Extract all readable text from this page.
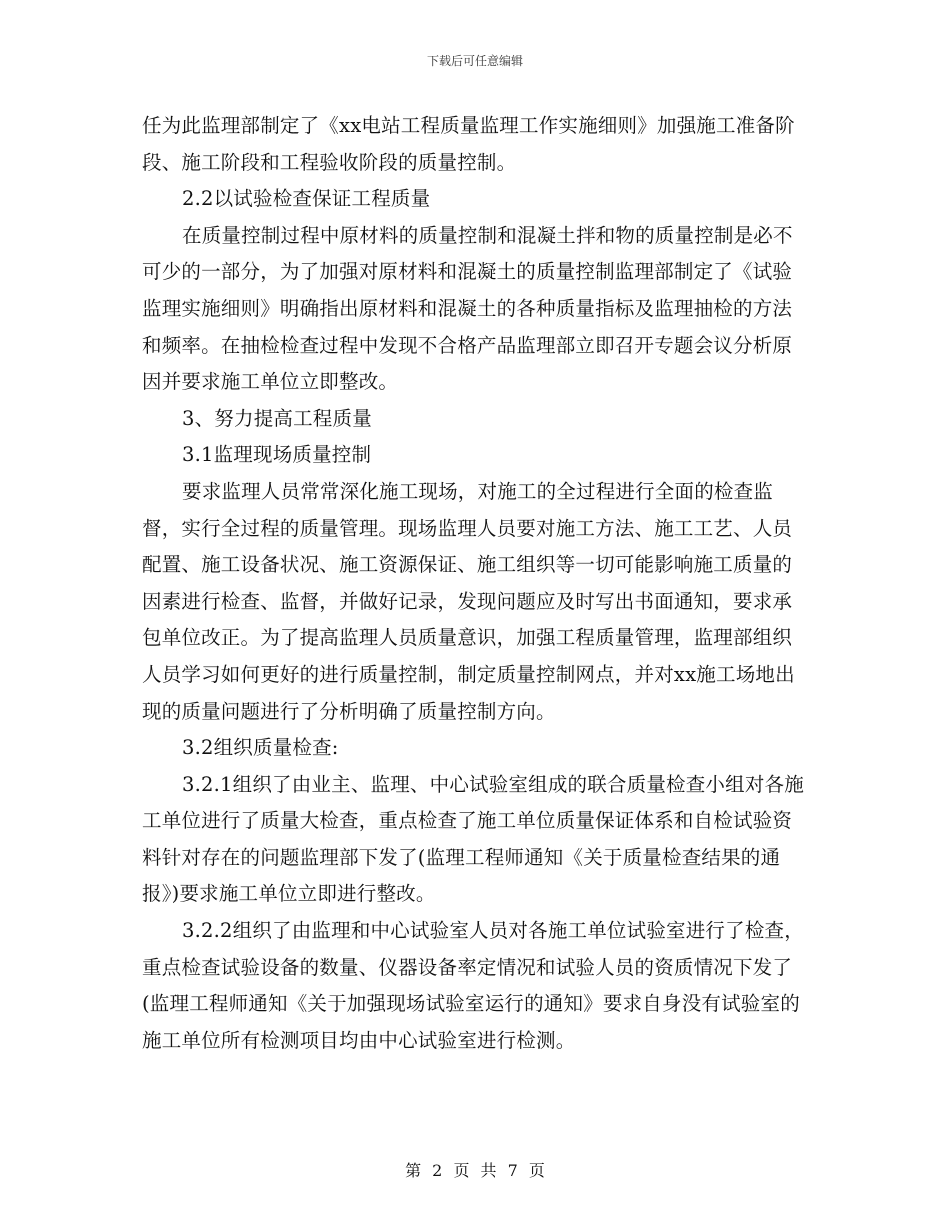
下载后可任意编辑

任为此监理部制定了《xx电站工程质量监理工作实施细则》加强施工准备阶段、施工阶段和工程验收阶段的质量控制。

2.2以试验检查保证工程质量

在质量控制过程中原材料的质量控制和混凝土拌和物的质量控制是必不可少的一部分，为了加强对原材料和混凝土的质量控制监理部制定了《试验监理实施细则》明确指出原材料和混凝土的各种质量指标及监理抽检的方法和频率。在抽检检查过程中发现不合格产品监理部立即召开专题会议分析原因并要求施工单位立即整改。

3、努力提高工程质量

3.1监理现场质量控制

要求监理人员常常深化施工现场，对施工的全过程进行全面的检查监督，实行全过程的质量管理。现场监理人员要对施工方法、施工工艺、人员配置、施工设备状况、施工资源保证、施工组织等一切可能影响施工质量的因素进行检查、监督，并做好记录，发现问题应及时写出书面通知，要求承包单位改正。为了提高监理人员质量意识，加强工程质量管理，监理部组织人员学习如何更好的进行质量控制，制定质量控制网点，并对xx施工场地出现的质量问题进行了分析明确了质量控制方向。

3.2组织质量检查:

3.2.1组织了由业主、监理、中心试验室组成的联合质量检查小组对各施工单位进行了质量大检查，重点检查了施工单位质量保证体系和自检试验资料针对存在的问题监理部下发了(监理工程师通知《关于质量检查结果的通报》)要求施工单位立即进行整改。

3.2.2组织了由监理和中心试验室人员对各施工单位试验室进行了检查，重点检查试验设备的数量、仪器设备率定情况和试验人员的资质情况下发了(监理工程师通知《关于加强现场试验室运行的通知》要求自身没有试验室的施工单位所有检测项目均由中心试验室进行检测。

第 2 页 共 7 页
